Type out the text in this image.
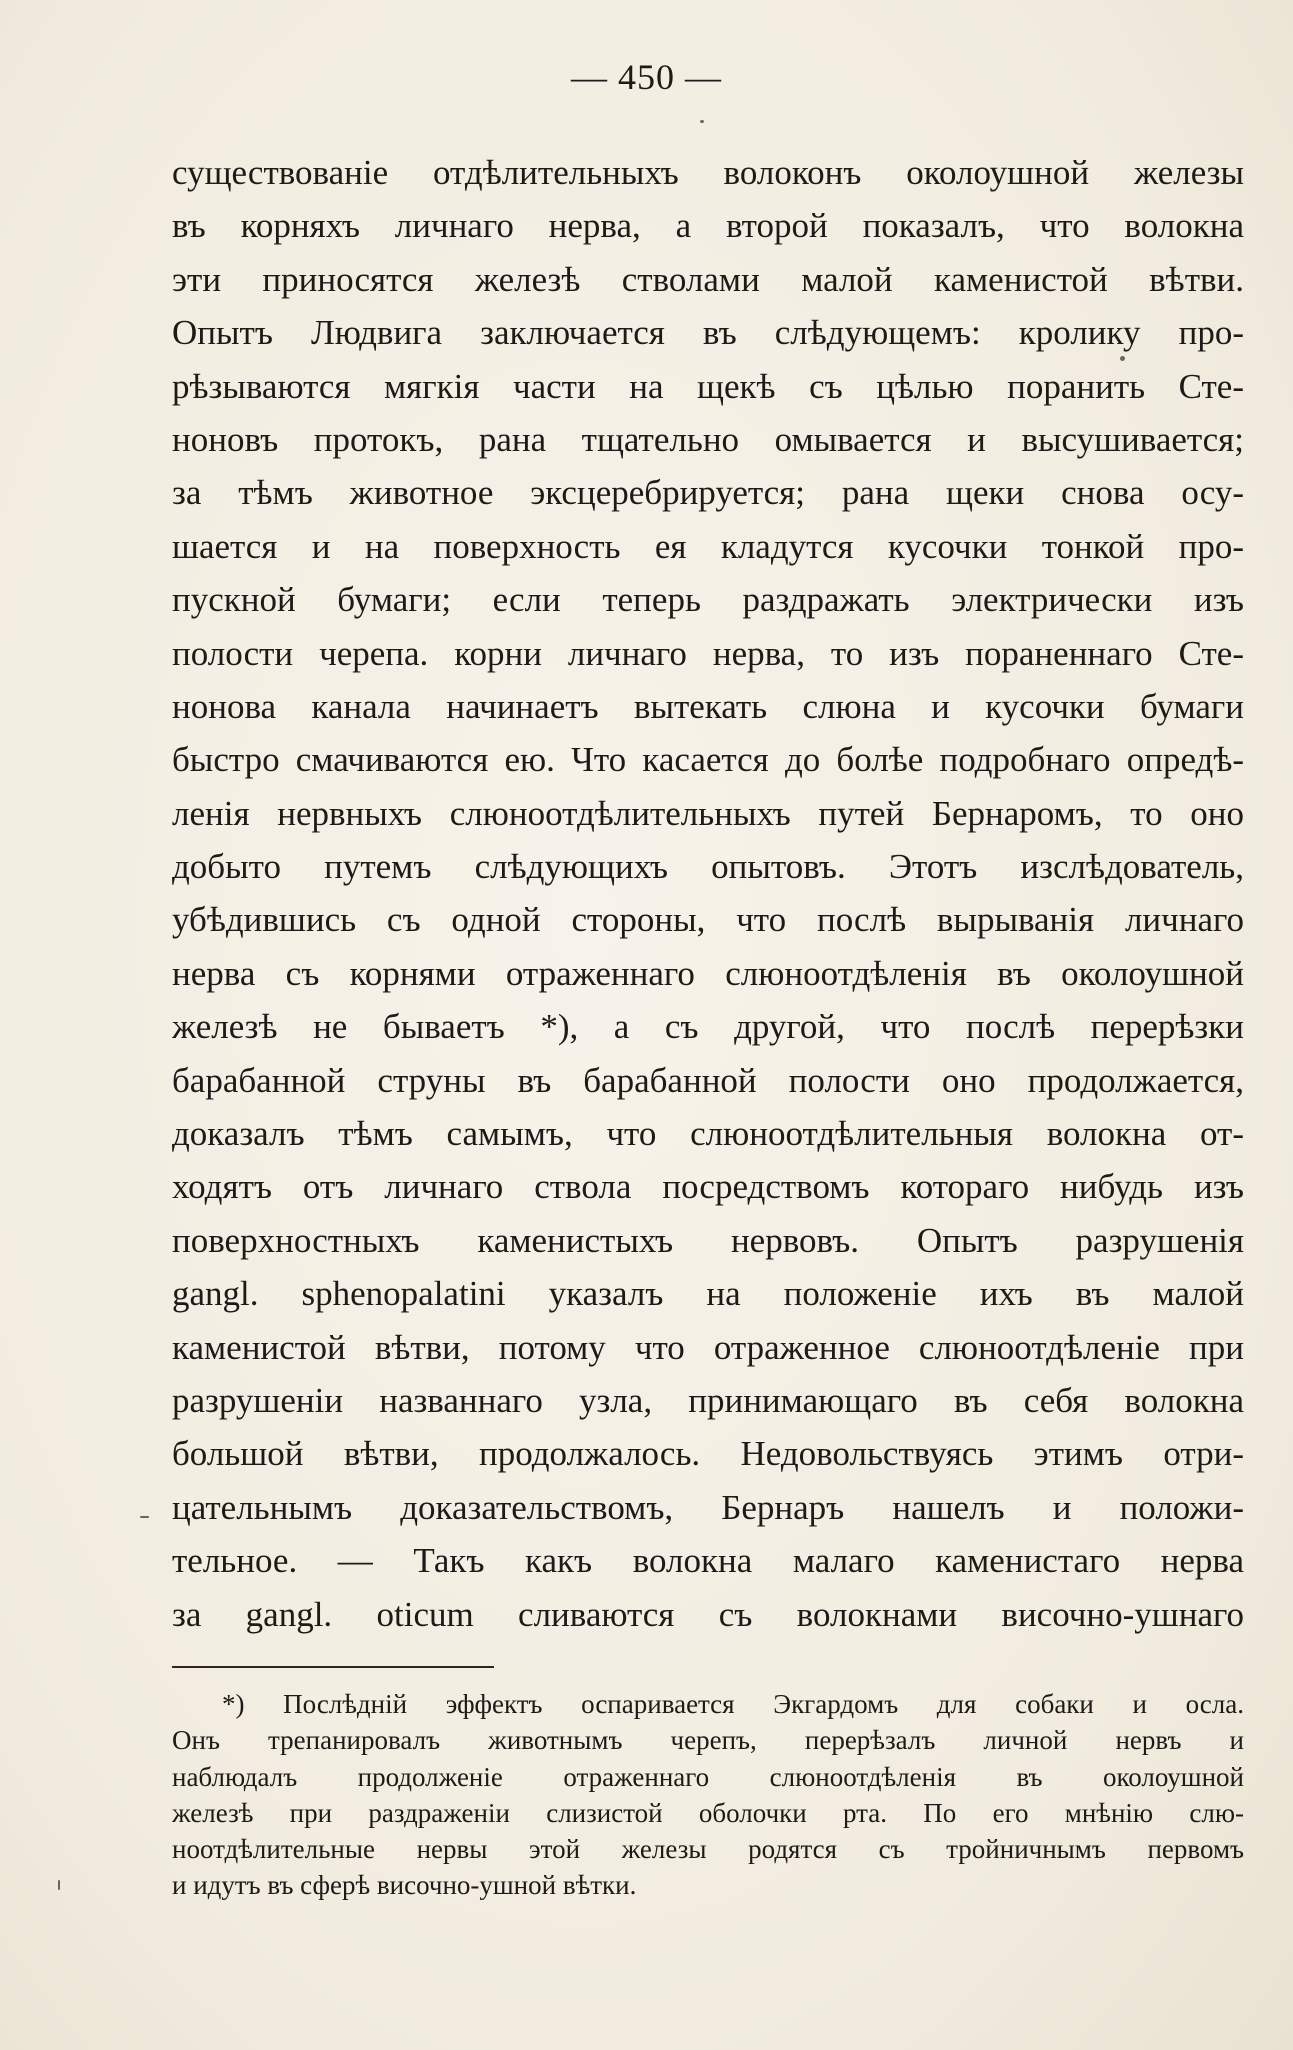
— 450 —
существованіе отдѣлительныхъ волоконъ околоушной железы
въ корняхъ личнаго нерва, а второй показалъ, что волокна
эти приносятся железѣ стволами малой каменистой вѣтви.
Опытъ Людвига заключается въ слѣдующемъ: кролику про-
рѣзываются мягкія части на щекѣ съ цѣлью поранить Сте-
ноновъ протокъ, рана тщательно омывается и высушивается;
за тѣмъ животное эксцеребрируется; рана щеки снова осу-
шается и на поверхность ея кладутся кусочки тонкой про-
пускной бумаги; если теперь раздражать электрически изъ
полости черепа. корни личнаго нерва, то изъ пораненнаго Сте-
нонова канала начинаетъ вытекать слюна и кусочки бумаги
быстро смачиваются ею. Что касается до болѣе подробнаго опредѣ-
ленія нервныхъ слюноотдѣлительныхъ путей Бернаромъ, то оно
добыто путемъ слѣдующихъ опытовъ. Этотъ изслѣдователь,
убѣдившись съ одной стороны, что послѣ вырыванія личнаго
нерва съ корнями отраженнаго слюноотдѣленія въ околоушной
железѣ не бываетъ *), а съ другой, что послѣ перерѣзки
барабанной струны въ барабанной полости оно продолжается,
доказалъ тѣмъ самымъ, что слюноотдѣлительныя волокна от-
ходятъ отъ личнаго ствола посредствомъ котораго нибудь изъ
поверхностныхъ каменистыхъ нервовъ. Опытъ разрушенія
gangl. sphenopalatini указалъ на положеніе ихъ въ малой
каменистой вѣтви, потому что отраженное слюноотдѣленіе при
разрушеніи названнаго узла, принимающаго въ себя волокна
большой вѣтви, продолжалось. Недовольствуясь этимъ отри-
цательнымъ доказательствомъ, Бернаръ нашелъ и положи-
тельное. — Такъ какъ волокна малаго каменистаго нерва
за gangl. oticum сливаются съ волокнами височно-ушнаго
*) Послѣдній эффектъ оспаривается Экгардомъ для собаки и осла.
Онъ трепанировалъ животнымъ черепъ, перерѣзалъ личной нервъ и
наблюдалъ продолженіе отраженнаго слюноотдѣленія въ околоушной
железѣ при раздраженіи слизистой оболочки рта. По его мнѣнію слю-
ноотдѣлительные нервы этой железы родятся съ тройничнымъ первомъ
и идутъ въ сферѣ височно-ушной вѣтки.
